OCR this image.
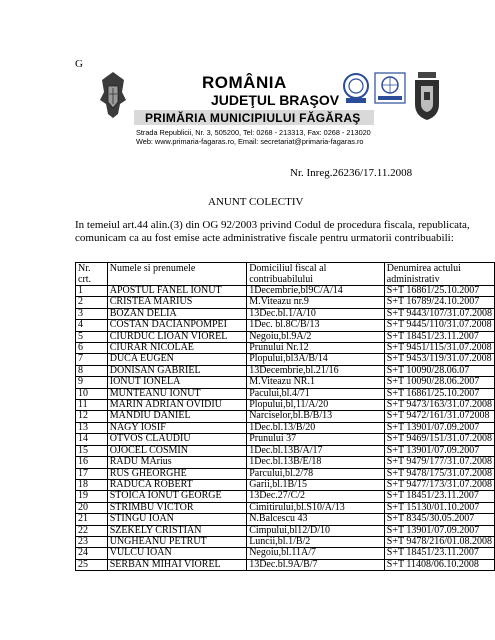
G
ROMÂNIA
JUDEŢUL BRAŞOV
PRIMĂRIA MUNICIPIULUI FĂGĂRAŞ
Strada Republicii, Nr. 3, 505200, Tel: 0268 - 213313, Fax: 0268 - 213020
Web: www.primaria-fagaras.ro, Email: secretariat@primaria-fagaras.ro
Nr. Inreg.26236/17.11.2008
ANUNT COLECTIV
In temeiul art.44 alin.(3) din OG 92/2003 privind Codul de procedura fiscala, republicata, comunicam ca au fost emise acte administrative fiscale pentru urmatorii contribuabili:
Nr. crt.	Numele si prenumele	Domiciliul fiscal al contribuabilului	Denumirea actului administrativ
1	APOSTUL FANEL IONUT	1Decembrie,bl9C/A/14	S+T 16861/25.10.2007
2	CRISTEA MARIUS	M.Viteazu nr.9	S+T 16789/24.10.2007
3	BOZAN DELIA	13Dec.bl.1/A/10	S+T 9443/107/31.07.2008
4	COSTAN DACIANPOMPEI	1Dec. bl.8C/B/13	S+T 9445/110/31.07.2008
5	CIURDUC LIOAN VIOREL	Negoiu,bl.9A/2	S+T 18451/23.11.2007
6	CIURAR NICOLAE	Prunului Nr.12	S+T 9451/115/31.07.2008
7	DUCA EUGEN	Plopului,bl3A/B/14	S+T 9453/119/31.07.2008
8	DONISAN GABRIEL	13Decembrie,bl.21/16	S+T 10090/28.06.07
9	IONUT IONELA	M.Viteazu NR.1	S+T 10090/28.06.2007
10	MUNTEANU IONUT	Pacului,bl.4/71	S+T 16861/25.10.2007
11	MARIN ADRIAN OVIDIU	Plopului,bl,11/A/20	S+T 9473/163/31.07.2008
12	MANDIU DANIEL	Narciselor,bl.B/B/13	S+T 9472/161/31.072008
13	NAGY IOSIF	1Dec.bl.13/B/20	S+T 13901/07.09.2007
14	OTVOS CLAUDIU	Prunului 37	S+T 9469/151/31.07.2008
15	OJOCEL COSMIN	1Dec.bl.13B/A/17	S+T 13901/07.09.2007
16	RADU MArius	1Dec.bl.13B/E/18	S+T 9479/177/31.07.2008
17	RUS GHEORGHE	Parcului,bl.2/78	S+T 9478/175/31.07.2008
18	RADUCA ROBERT	Garii,bl.1B/15	S+T 9477/173/31.07.2008
19	STOICA IONUT GEORGE	13Dec.27/C/2	S+T 18451/23.11.2007
20	STRIMBU VICTOR	Cimitirului,bl.S10/A/13	S+T 15130/01.10.2007
21	STINGU IOAN	N.Balcescu 43	S+T 8345/30.05.2007
22	SZEKELY CRISTIAN	Cimpului,bl12/D/10	S+T 13901/07.09.2007
23	UNGHEANU PETRUT	Luncii,bl.1/B/2	S+T 9478/216/01.08.2008
24	VULCU IOAN	Negoiu,bl.11A/7	S+T 18451/23.11.2007
25	SERBAN MIHAI VIOREL	13Dec.bl.9A/B/7	S+T 11408/06.10.2008
